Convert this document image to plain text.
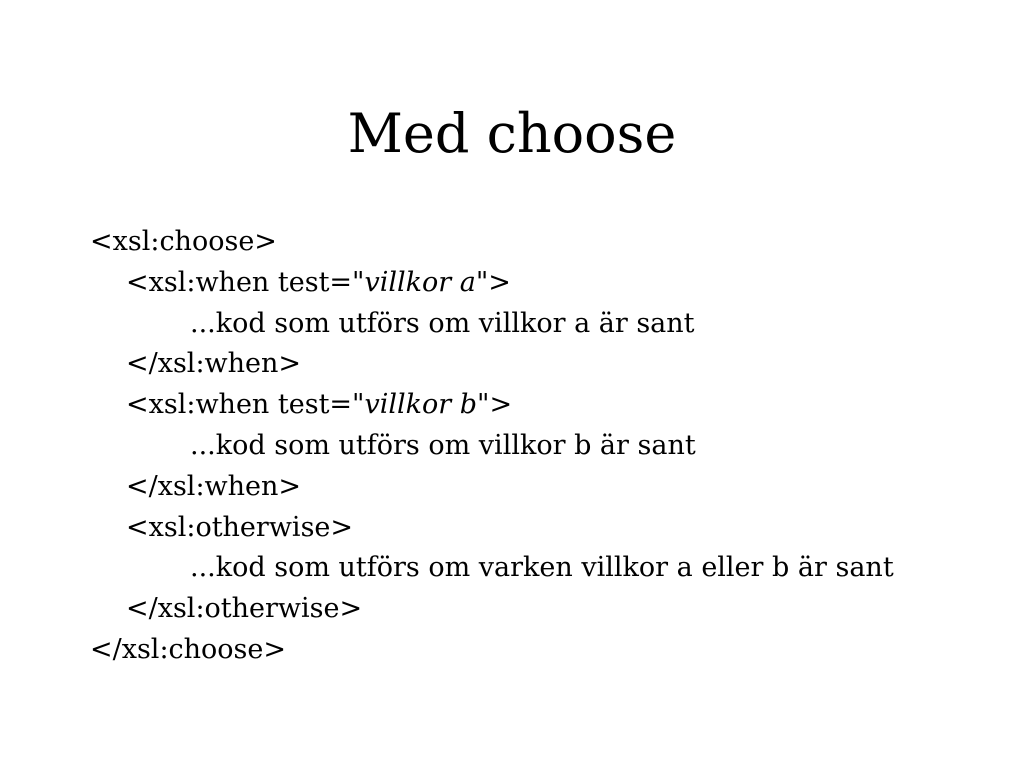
Med choose
<xsl:choose>
<xsl:when test="villkor a">
...kod som utförs om villkor a är sant
</xsl:when>
<xsl:when test="villkor b">
...kod som utförs om villkor b är sant
</xsl:when>
<xsl:otherwise>
...kod som utförs om varken villkor a eller b är sant
</xsl:otherwise>
</xsl:choose>
